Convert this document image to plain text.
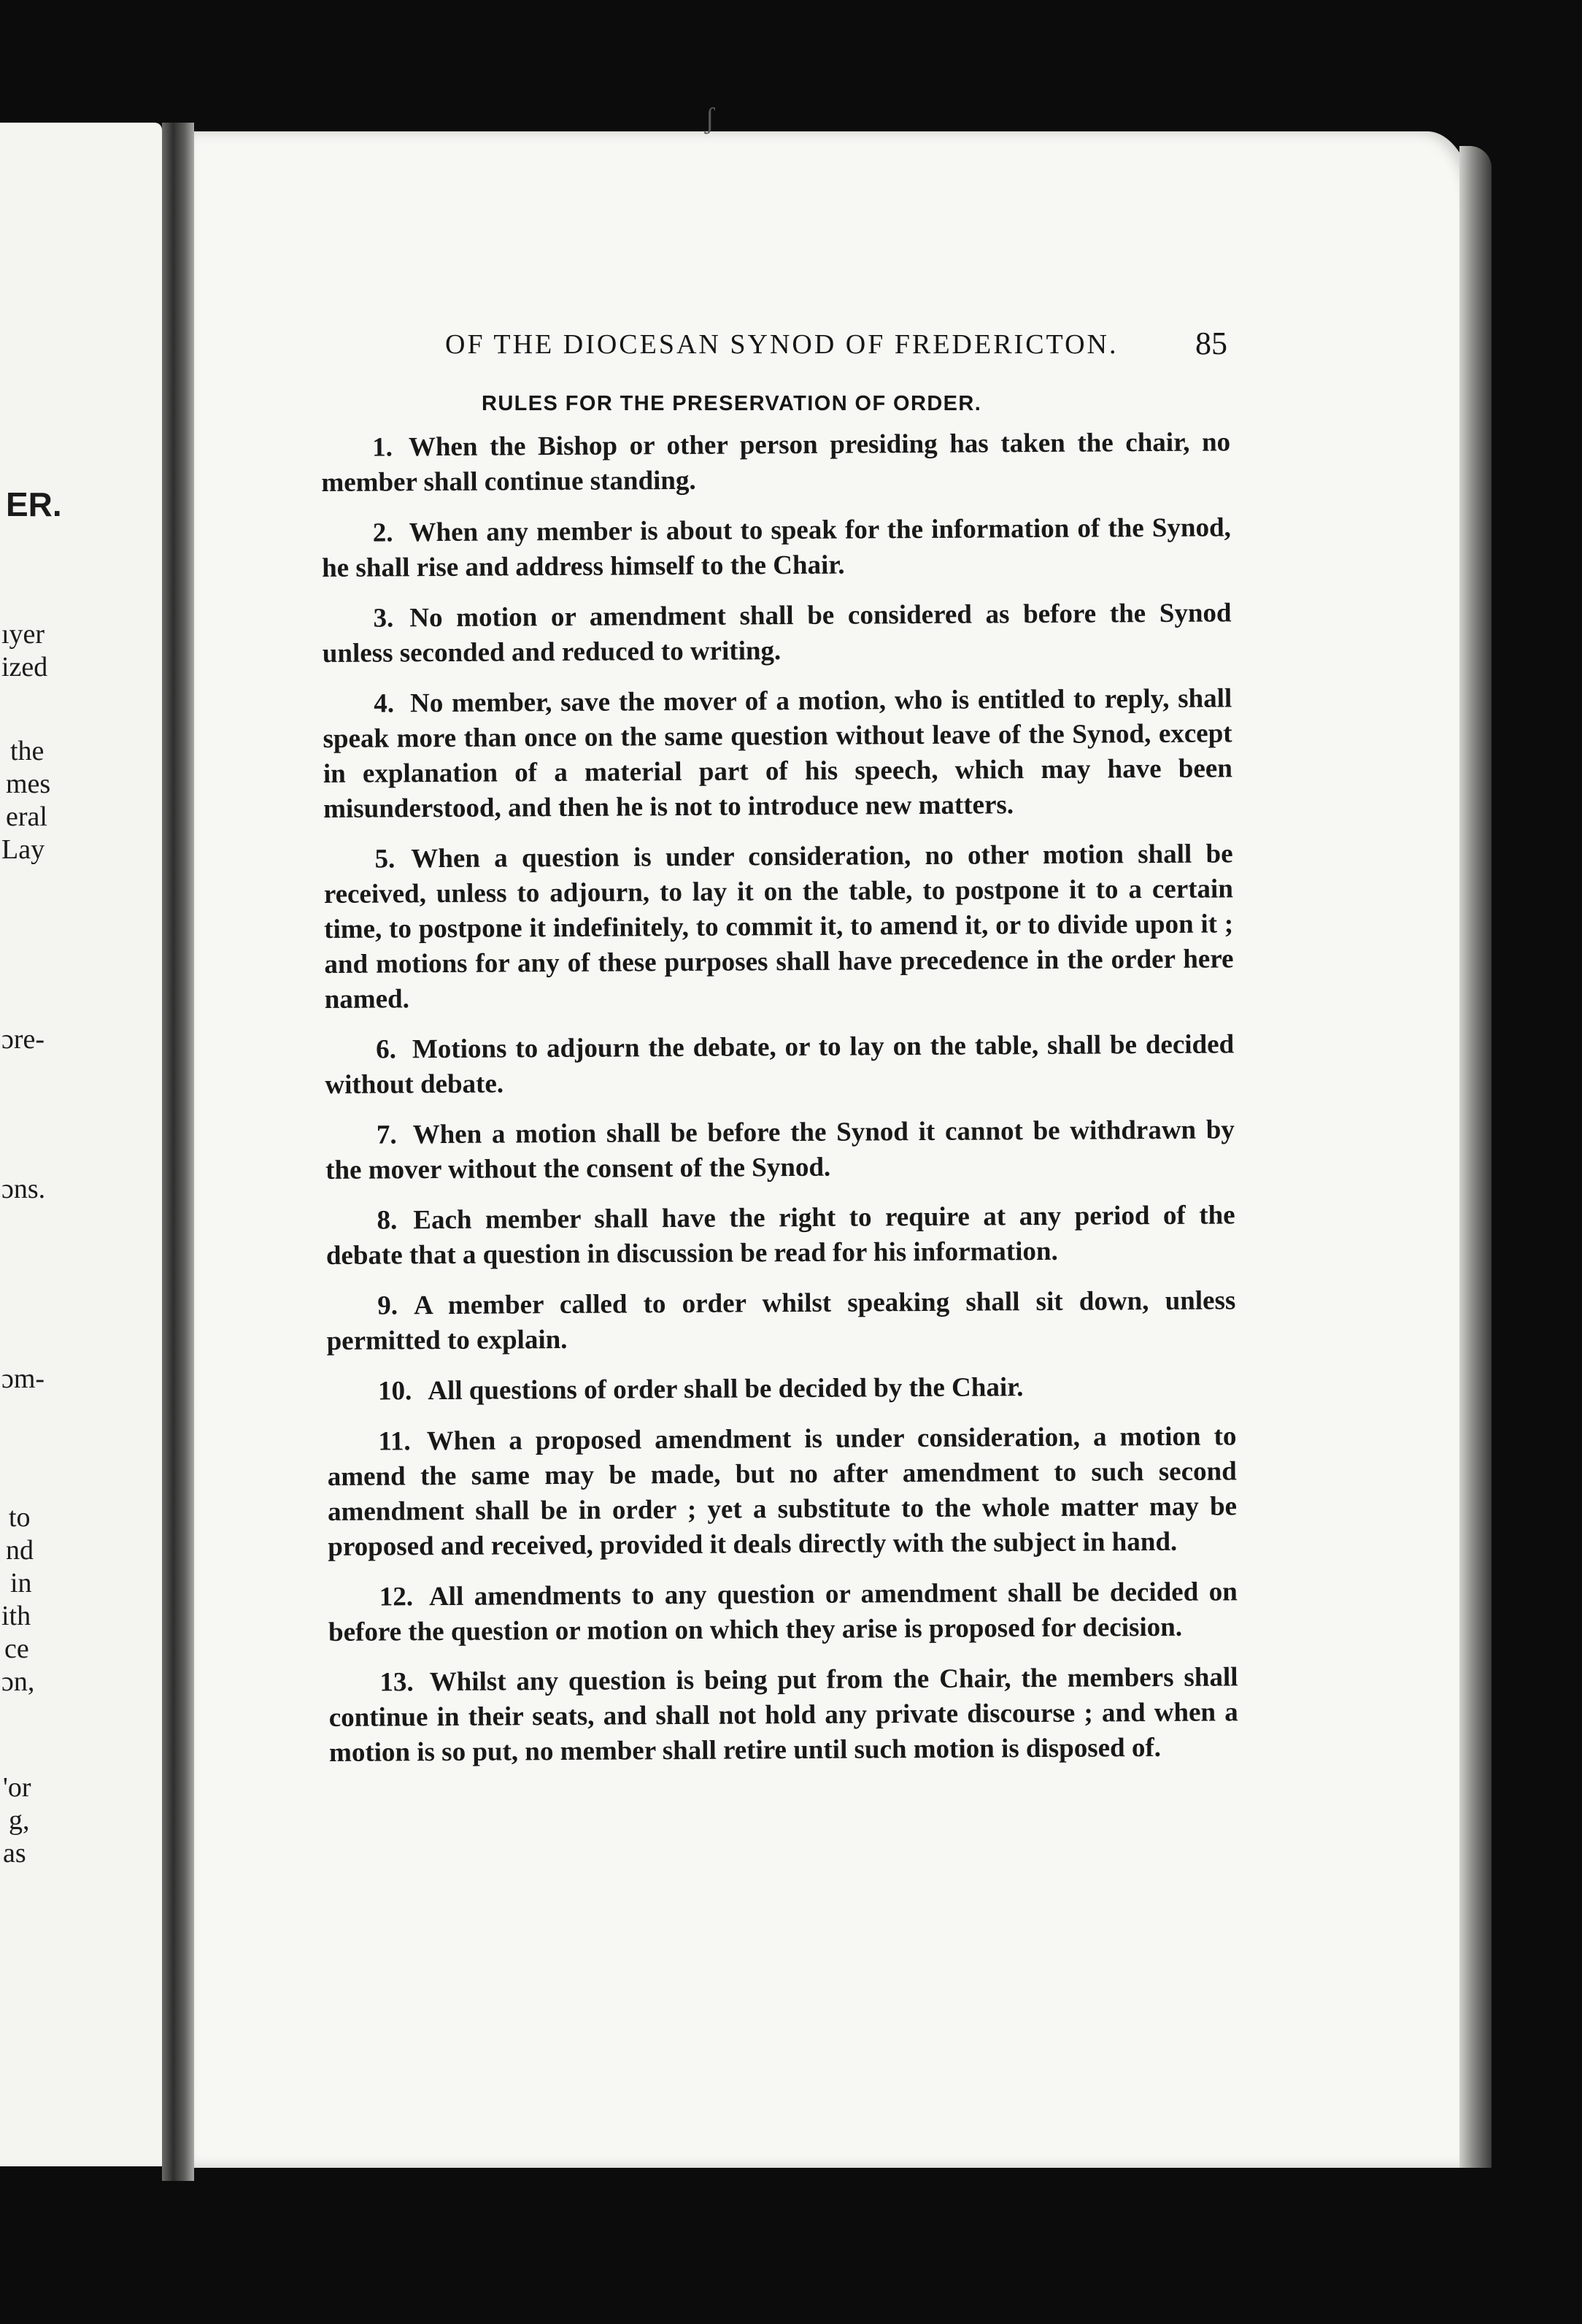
ER.
ıyer
ized
the
mes
eral
Lay
ɔre-
ɔns.
ɔm-
to
nd
in
ith
ce
ɔn,
'or
g,
as
ʃ
OF THE DIOCESAN SYNOD OF FREDERICTON.	85
RULES FOR THE PRESERVATION OF ORDER.
1. When the Bishop or other person presiding has taken the chair, no member shall continue standing.
2. When any member is about to speak for the information of the Synod, he shall rise and address himself to the Chair.
3. No motion or amendment shall be considered as before the Synod unless seconded and reduced to writing.
4. No member, save the mover of a motion, who is entitled to reply, shall speak more than once on the same question without leave of the Synod, except in explanation of a material part of his speech, which may have been misunderstood, and then he is not to introduce new matters.
5. When a question is under consideration, no other motion shall be received, unless to adjourn, to lay it on the table, to postpone it to a certain time, to postpone it indefinitely, to commit it, to amend it, or to divide upon it ; and motions for any of these purposes shall have precedence in the order here named.
6. Motions to adjourn the debate, or to lay on the table, shall be decided without debate.
7. When a motion shall be before the Synod it cannot be withdrawn by the mover without the consent of the Synod.
8. Each member shall have the right to require at any period of the debate that a question in discussion be read for his information.
9. A member called to order whilst speaking shall sit down, unless permitted to explain.
10. All questions of order shall be decided by the Chair.
11. When a proposed amendment is under consideration, a motion to amend the same may be made, but no after amendment to such second amendment shall be in order ; yet a substitute to the whole matter may be proposed and received, provided it deals directly with the subject in hand.
12. All amendments to any question or amendment shall be decided on before the question or motion on which they arise is proposed for decision.
13. Whilst any question is being put from the Chair, the members shall continue in their seats, and shall not hold any private discourse ; and when a motion is so put, no member shall retire until such motion is disposed of.
